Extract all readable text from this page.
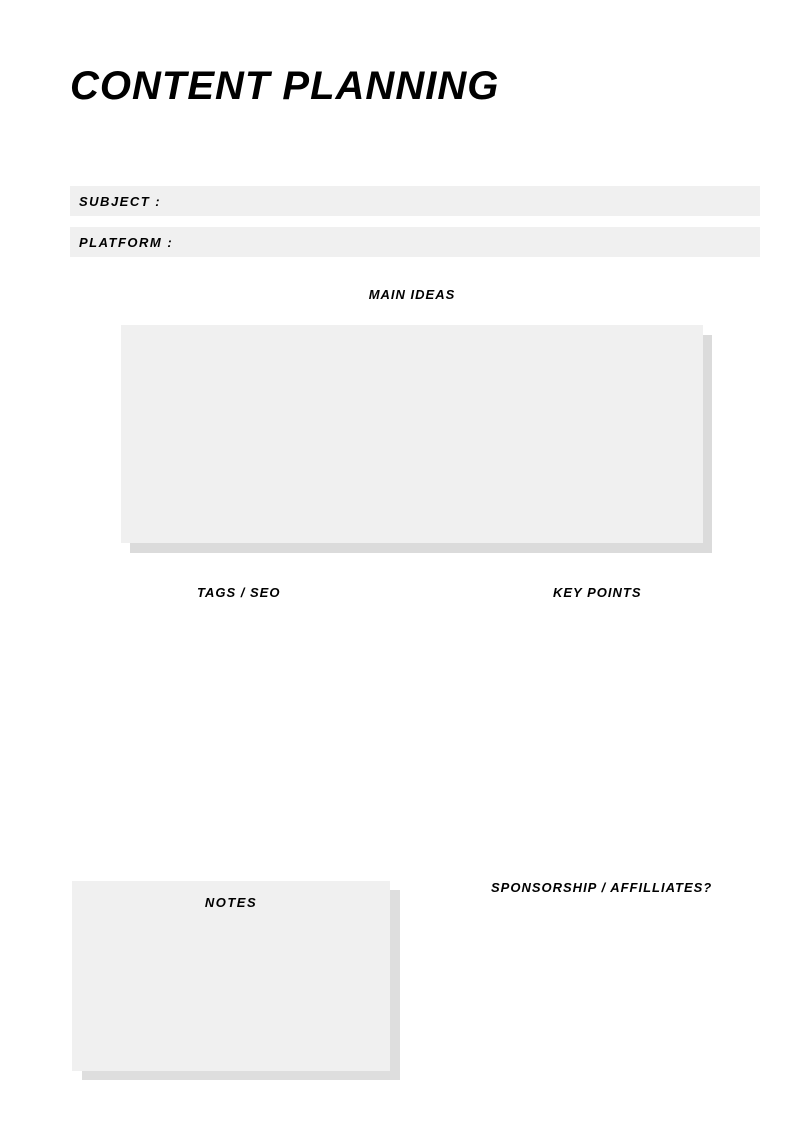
CONTENT PLANNING
SUBJECT :
PLATFORM :
MAIN IDEAS
TAGS / SEO	KEY POINTS
SPONSORSHIP / AFFILLIATES?
NOTES
